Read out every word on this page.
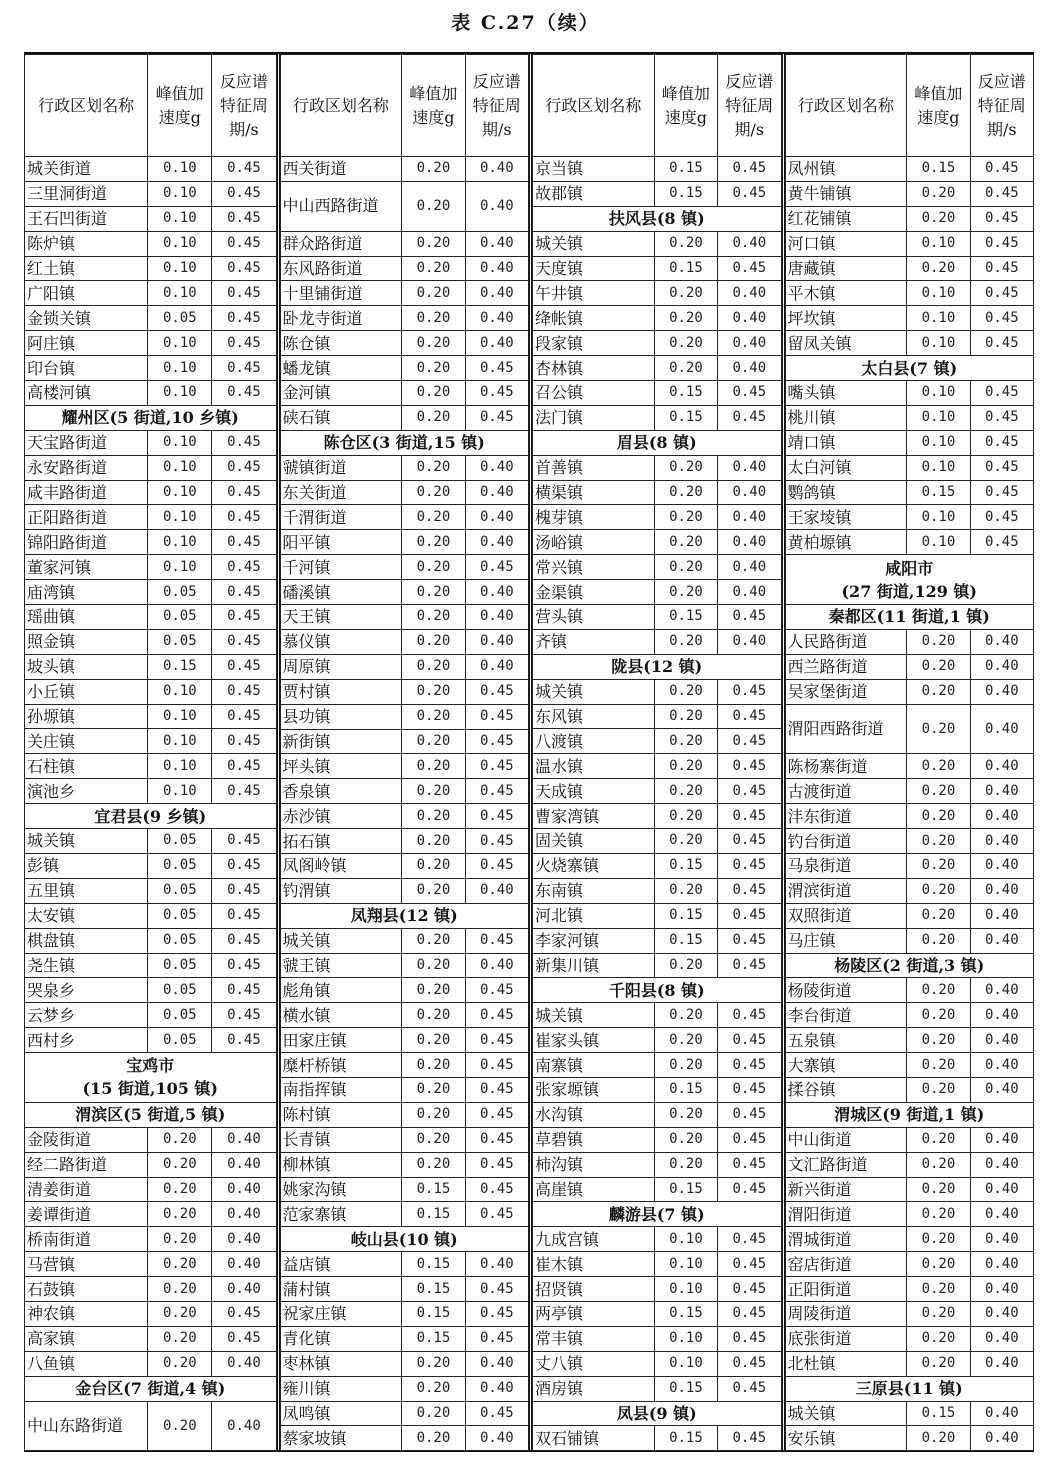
表 C.27（续）
行政区划名称	峰值加速度g	反应谱特征周期/s
城关街道	0.10	0.45
三里洞街道	0.10	0.45
王石凹街道	0.10	0.45
陈炉镇	0.10	0.45
红土镇	0.10	0.45
广阳镇	0.10	0.45
金锁关镇	0.05	0.45
阿庄镇	0.10	0.45
印台镇	0.10	0.45
高楼河镇	0.10	0.45
耀州区(5 街道,10 乡镇)		
天宝路街道	0.10	0.45
永安路街道	0.10	0.45
咸丰路街道	0.10	0.45
正阳路街道	0.10	0.45
锦阳路街道	0.10	0.45
董家河镇	0.10	0.45
庙湾镇	0.05	0.45
瑶曲镇	0.05	0.45
照金镇	0.05	0.45
坡头镇	0.15	0.45
小丘镇	0.10	0.45
孙塬镇	0.10	0.45
关庄镇	0.10	0.45
石柱镇	0.10	0.45
演池乡	0.10	0.45
宜君县(9 乡镇)		
城关镇	0.05	0.45
彭镇	0.05	0.45
五里镇	0.05	0.45
太安镇	0.05	0.45
棋盘镇	0.05	0.45
尧生镇	0.05	0.45
哭泉乡	0.05	0.45
云梦乡	0.05	0.45
西村乡	0.05	0.45

宝鸡市
(15 街道,105 镇)		

渭滨区(5 街道,5 镇)		
金陵街道	0.20	0.40
经二路街道	0.20	0.40
清姜街道	0.20	0.40
姜谭街道	0.20	0.40
桥南街道	0.20	0.40
马营镇	0.20	0.40
石鼓镇	0.20	0.40
神农镇	0.20	0.45
高家镇	0.20	0.45
八鱼镇	0.20	0.40
金台区(7 街道,4 镇)		
中山东路街道	0.20	0.40
行政区划名称	峰值加速度g	反应谱特征周期/s
西关街道	0.20	0.40
中山西路街道	0.20	0.40
群众路街道	0.20	0.40
东风路街道	0.20	0.40
十里铺街道	0.20	0.40
卧龙寺街道	0.20	0.40
陈仓镇	0.20	0.40
蟠龙镇	0.20	0.45
金河镇	0.20	0.45
硖石镇	0.20	0.45
陈仓区(3 街道,15 镇)		
虢镇街道	0.20	0.40
东关街道	0.20	0.40
千渭街道	0.20	0.40
阳平镇	0.20	0.40
千河镇	0.20	0.45
磻溪镇	0.20	0.40
天王镇	0.20	0.40
慕仪镇	0.20	0.40
周原镇	0.20	0.40
贾村镇	0.20	0.45
县功镇	0.20	0.45
新街镇	0.20	0.45
坪头镇	0.20	0.45
香泉镇	0.20	0.45
赤沙镇	0.20	0.45
拓石镇	0.20	0.45
凤阁岭镇	0.20	0.45
钓渭镇	0.20	0.40
凤翔县(12 镇)		
城关镇	0.20	0.45
虢王镇	0.20	0.40
彪角镇	0.20	0.45
横水镇	0.20	0.45
田家庄镇	0.20	0.45
糜杆桥镇	0.20	0.45
南指挥镇	0.20	0.45
陈村镇	0.20	0.45
长青镇	0.20	0.45
柳林镇	0.20	0.45
姚家沟镇	0.15	0.45
范家寨镇	0.15	0.45
岐山县(10 镇)		
益店镇	0.15	0.40
蒲村镇	0.15	0.45
祝家庄镇	0.15	0.45
青化镇	0.15	0.45
枣林镇	0.20	0.40
雍川镇	0.20	0.40
凤鸣镇	0.20	0.45
蔡家坡镇	0.20	0.40
行政区划名称	峰值加速度g	反应谱特征周期/s
京当镇	0.15	0.45
故郡镇	0.15	0.45
扶风县(8 镇)		
城关镇	0.20	0.40
天度镇	0.15	0.45
午井镇	0.20	0.40
绛帐镇	0.20	0.40
段家镇	0.20	0.40
杏林镇	0.20	0.40
召公镇	0.15	0.45
法门镇	0.15	0.45
眉县(8 镇)		
首善镇	0.20	0.40
横渠镇	0.20	0.40
槐芽镇	0.20	0.40
汤峪镇	0.20	0.40
常兴镇	0.20	0.40
金渠镇	0.20	0.40
营头镇	0.15	0.45
齐镇	0.20	0.40
陇县(12 镇)		
城关镇	0.20	0.45
东风镇	0.20	0.45
八渡镇	0.20	0.45
温水镇	0.20	0.45
天成镇	0.20	0.45
曹家湾镇	0.20	0.45
固关镇	0.20	0.45
火烧寨镇	0.15	0.45
东南镇	0.20	0.45
河北镇	0.15	0.45
李家河镇	0.15	0.45
新集川镇	0.20	0.45
千阳县(8 镇)		
城关镇	0.20	0.45
崔家头镇	0.20	0.45
南寨镇	0.20	0.45
张家塬镇	0.15	0.45
水沟镇	0.20	0.45
草碧镇	0.20	0.45
柿沟镇	0.20	0.45
高崖镇	0.15	0.45
麟游县(7 镇)		
九成宫镇	0.10	0.45
崔木镇	0.10	0.45
招贤镇	0.10	0.45
两亭镇	0.15	0.45
常丰镇	0.10	0.45
丈八镇	0.10	0.45
酒房镇	0.15	0.45
凤县(9 镇)		
双石铺镇	0.15	0.45
行政区划名称	峰值加速度g	反应谱特征周期/s
凤州镇	0.15	0.45
黄牛铺镇	0.20	0.45
红花铺镇	0.20	0.45
河口镇	0.10	0.45
唐藏镇	0.20	0.45
平木镇	0.10	0.45
坪坎镇	0.10	0.45
留凤关镇	0.10	0.45
太白县(7 镇)		
嘴头镇	0.10	0.45
桃川镇	0.10	0.45
靖口镇	0.10	0.45
太白河镇	0.10	0.45
鹦鸽镇	0.15	0.45
王家堎镇	0.10	0.45
黄柏塬镇	0.10	0.45

咸阳市
(27 街道,129 镇)		

秦都区(11 街道,1 镇)		
人民路街道	0.20	0.40
西兰路街道	0.20	0.40
吴家堡街道	0.20	0.40
渭阳西路街道	0.20	0.40
陈杨寨街道	0.20	0.40
古渡街道	0.20	0.40
沣东街道	0.20	0.40
钓台街道	0.20	0.40
马泉街道	0.20	0.40
渭滨街道	0.20	0.40
双照街道	0.20	0.40
马庄镇	0.20	0.40
杨陵区(2 街道,3 镇)		
杨陵街道	0.20	0.40
李台街道	0.20	0.40
五泉镇	0.20	0.40
大寨镇	0.20	0.40
揉谷镇	0.20	0.40
渭城区(9 街道,1 镇)		
中山街道	0.20	0.40
文汇路街道	0.20	0.40
新兴街道	0.20	0.40
渭阳街道	0.20	0.40
渭城街道	0.20	0.40
窑店街道	0.20	0.40
正阳街道	0.20	0.40
周陵街道	0.20	0.40
底张街道	0.20	0.40
北杜镇	0.20	0.40
三原县(11 镇)		
城关镇	0.15	0.40
安乐镇	0.20	0.40
